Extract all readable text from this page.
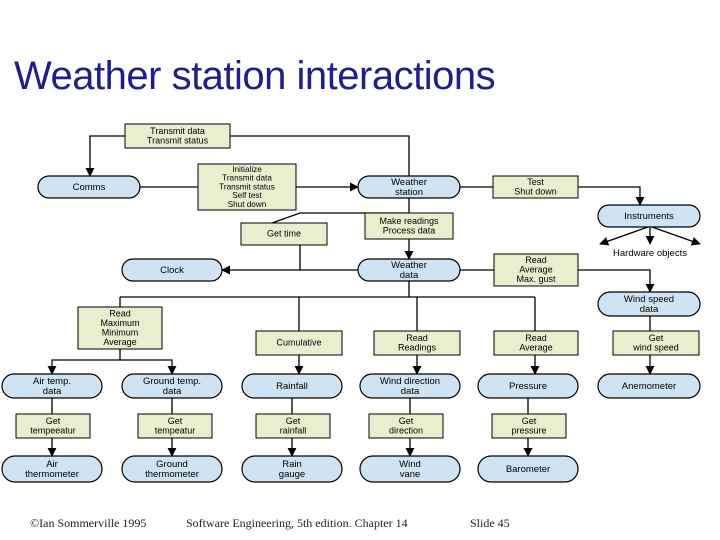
Weather station interactions
Comms	Weather
station
Clock	Weather
data
Instruments
Wind speed
data
Air temp.
data
Ground temp.
data	Rainfall	Wind direction
data	Pressure	Anemometer
Air
thermometer
Ground
thermometer
Rain
gauge
Wind
vane	Barometer
Transmit data
Transmit status
Initialize
Transmit data
Transmit status
Self test
Shut down
Test
Shut down
Make readings
Process data
Get time
Read
Average
Max. gust
Read
Maximum
Minimum
Average	Cumulative	Read
Readings
Read
Average
Get
wind speed
Get
tempeeatur
Get
tempeatur
Get
rainfall
Get
direction
Get
pressure
Hardware objects
©Ian Sommerville 1995	Software Engineering, 5th edition. Chapter 14	Slide 45
